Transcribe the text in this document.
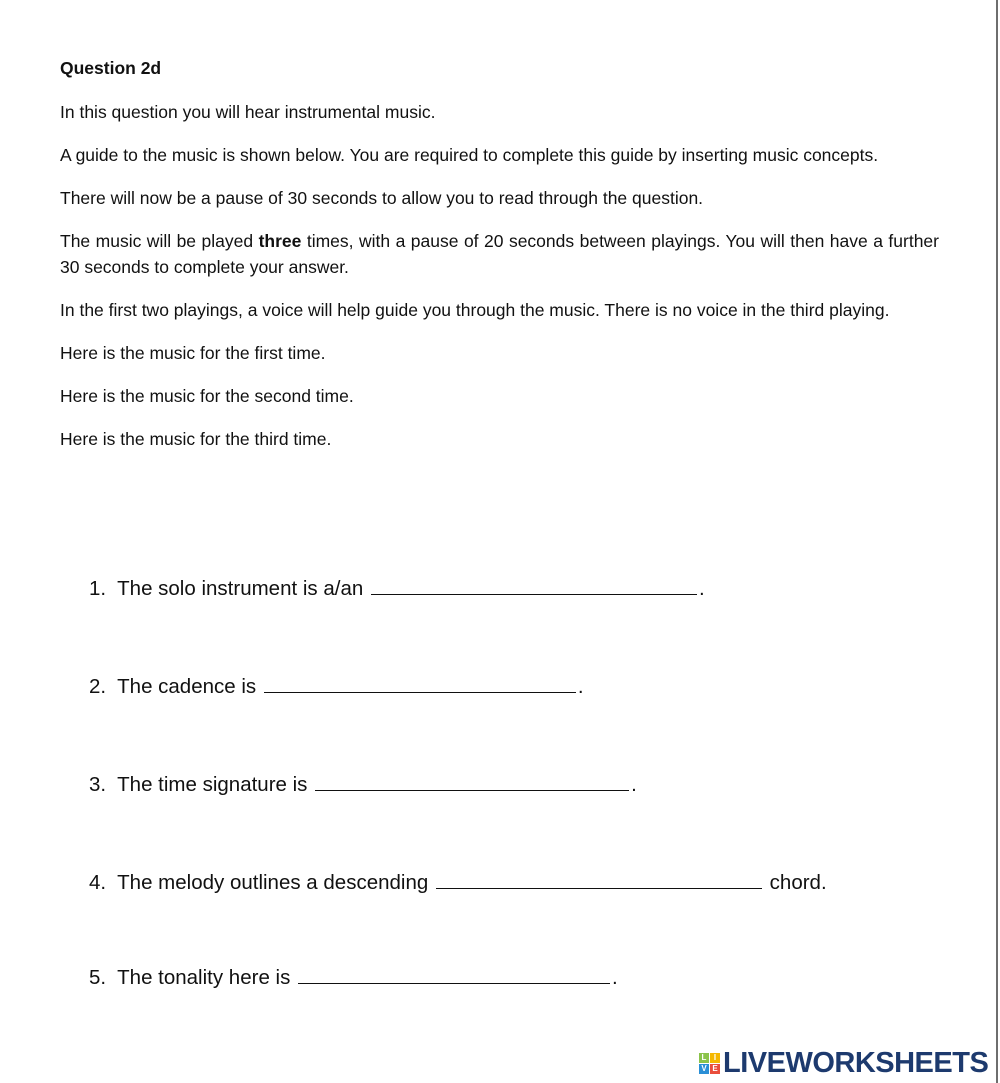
Question 2d

In this question you will hear instrumental music.

A guide to the music is shown below. You are required to complete this guide by inserting music concepts.

There will now be a pause of 30 seconds to allow you to read through the question.

The music will be played three times, with a pause of 20 seconds between playings. You will then have a further 30 seconds to complete your answer.

In the first two playings, a voice will help guide you through the music. There is no voice in the third playing.

Here is the music for the first time.

Here is the music for the second time.

Here is the music for the third time.

1. The solo instrument is a/an	.
2. The cadence is	.
3. The time signature is	.
4. The melody outlines a descending	chord.
5. The tonality here is	.
L I
V E LIVEWORKSHEETS
